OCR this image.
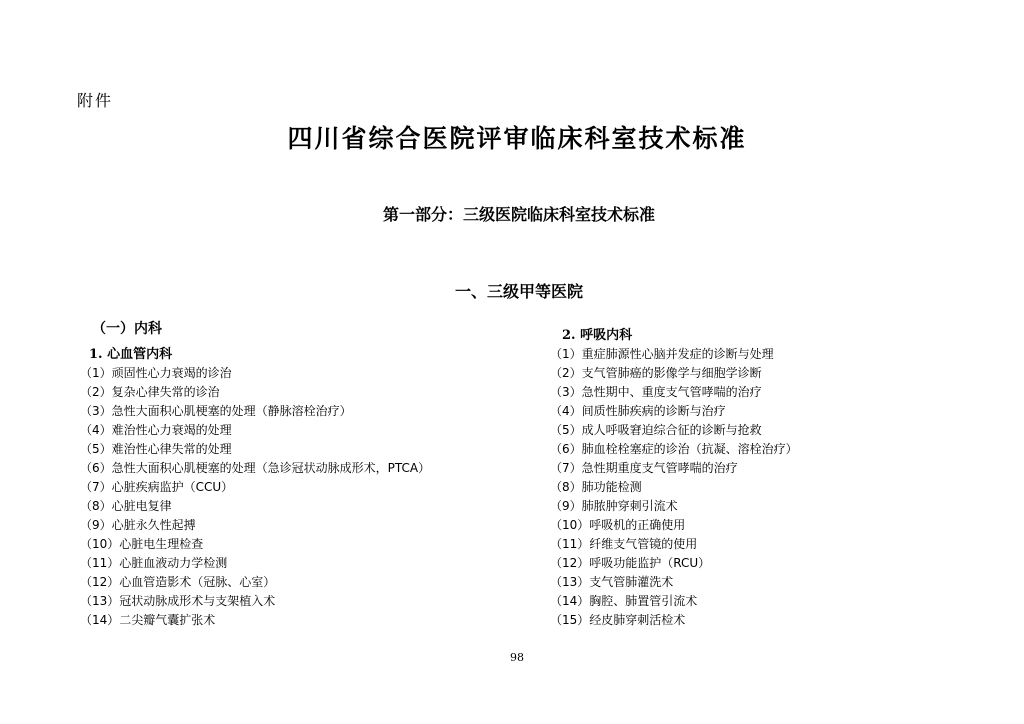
附件
四川省综合医院评审临床科室技术标准
第一部分：三级医院临床科室技术标准
一、三级甲等医院
（一）内科
1. 心血管内科
（1）顽固性心力衰竭的诊治
（2）复杂心律失常的诊治
（3）急性大面积心肌梗塞的处理（静脉溶栓治疗）
（4）难治性心力衰竭的处理
（5）难治性心律失常的处理
（6）急性大面积心肌梗塞的处理（急诊冠状动脉成形术，PTCA）
（7）心脏疾病监护（CCU）
（8）心脏电复律
（9）心脏永久性起搏
（10）心脏电生理检查
（11）心脏血液动力学检测
（12）心血管造影术（冠脉、心室）
（13）冠状动脉成形术与支架植入术
（14）二尖瓣气囊扩张术
2. 呼吸内科
（1）重症肺源性心脑并发症的诊断与处理
（2）支气管肺癌的影像学与细胞学诊断
（3）急性期中、重度支气管哮喘的治疗
（4）间质性肺疾病的诊断与治疗
（5）成人呼吸窘迫综合征的诊断与抢救
（6）肺血栓栓塞症的诊治（抗凝、溶栓治疗）
（7）急性期重度支气管哮喘的治疗
（8）肺功能检测
（9）肺脓肿穿刺引流术
（10）呼吸机的正确使用
（11）纤维支气管镜的使用
（12）呼吸功能监护（RCU）
（13）支气管肺灌洗术
（14）胸腔、肺置管引流术
（15）经皮肺穿刺活检术
98
